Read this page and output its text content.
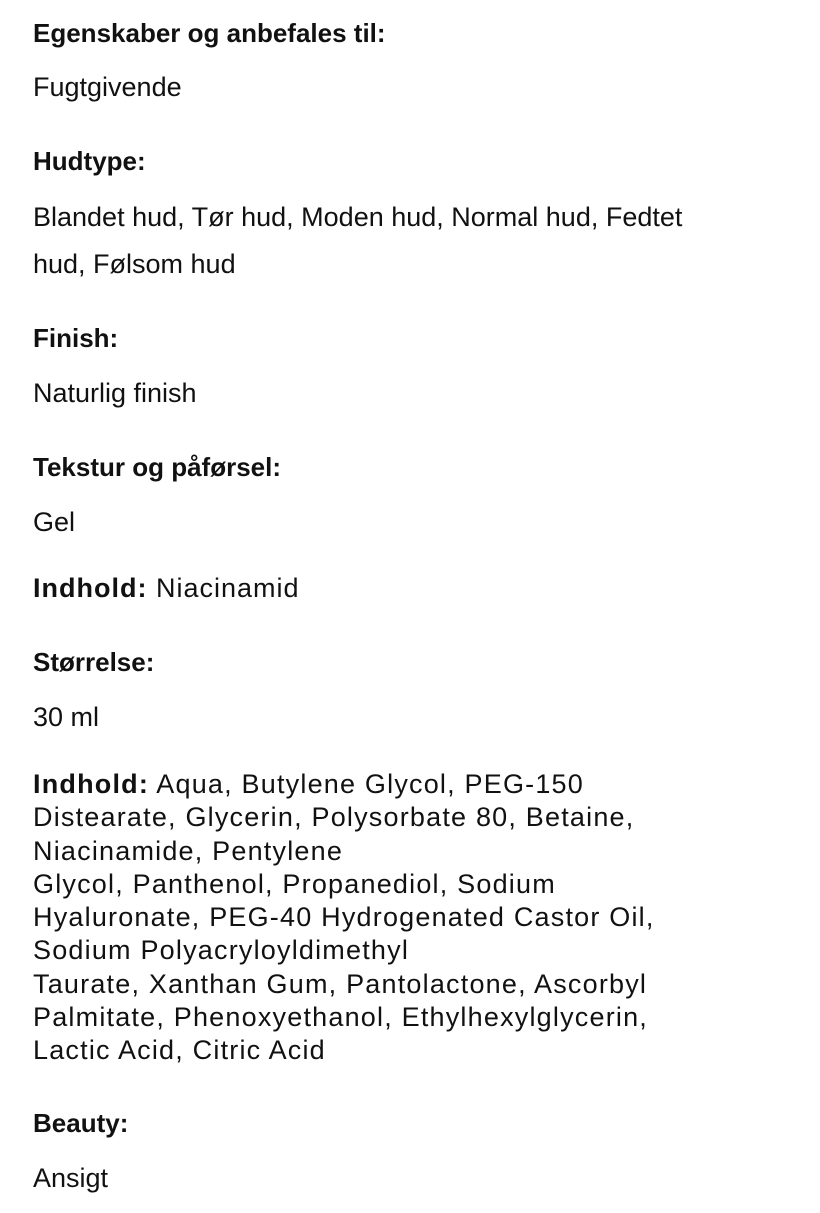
Egenskaber og anbefales til:
Fugtgivende
Hudtype:
Blandet hud, Tør hud, Moden hud, Normal hud, Fedtet
hud, Følsom hud
Finish:
Naturlig finish
Tekstur og påførsel:
Gel
Indhold: Niacinamid
Størrelse:
30 ml
Indhold: Aqua, Butylene Glycol, PEG-150
Distearate, Glycerin, Polysorbate 80, Betaine,
Niacinamide, Pentylene
Glycol, Panthenol, Propanediol, Sodium
Hyaluronate, PEG-40 Hydrogenated Castor Oil,
Sodium Polyacryloyldimethyl
Taurate, Xanthan Gum, Pantolactone, Ascorbyl
Palmitate, Phenoxyethanol, Ethylhexylglycerin,
Lactic Acid, Citric Acid
Beauty:
Ansigt
